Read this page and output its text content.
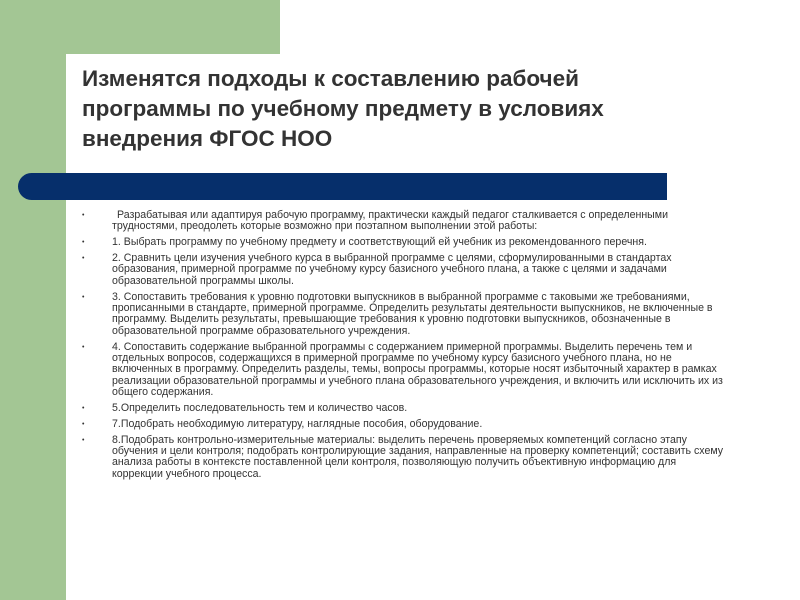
Изменятся подходы к составлению рабочей
программы по учебному предмету в условиях
внедрения ФГОС НОО
•	Разрабатывая или адаптируя рабочую программу, практически каждый педагог сталкивается с определенными трудностями, преодолеть которые возможно при поэтапном выполнении этой работы:
•	1. Выбрать программу по учебному предмету и соответствующий ей учебник из рекомендованного перечня.
•	2. Сравнить цели изучения учебного курса в выбранной программе с целями, сформулированными в стандартах образования, примерной программе по учебному курсу базисного учебного плана, а также с целями и задачами образовательной программы школы.
•	3. Сопоставить требования к уровню подготовки выпускников в выбранной программе с таковыми же требованиями, прописанными в стандарте, примерной программе. Определить результаты деятельности выпускников, не включенные в программу. Выделить результаты, превышающие требования к уровню подготовки выпускников, обозначенные в образовательной программе образовательного учреждения.
•	4. Сопоставить содержание выбранной программы с содержанием примерной программы. Выделить перечень тем и отдельных вопросов, содержащихся в примерной программе по учебному курсу базисного учебного плана, но не включенных в программу. Определить разделы, темы, вопросы программы, которые носят избыточный характер в рамках реализации образовательной программы и учебного плана образовательного учреждения, и включить или исключить их из общего содержания.
•	5.Определить последовательность тем и количество часов.
•	7.Подобрать необходимую литературу, наглядные пособия, оборудование.
•	8.Подобрать контрольно-измерительные материалы: выделить перечень проверяемых компетенций согласно этапу обучения и цели контроля; подобрать контролирующие задания, направленные на проверку компетенций; составить схему анализа работы в контексте поставленной цели контроля, позволяющую получить объективную информацию для коррекции учебного процесса.
